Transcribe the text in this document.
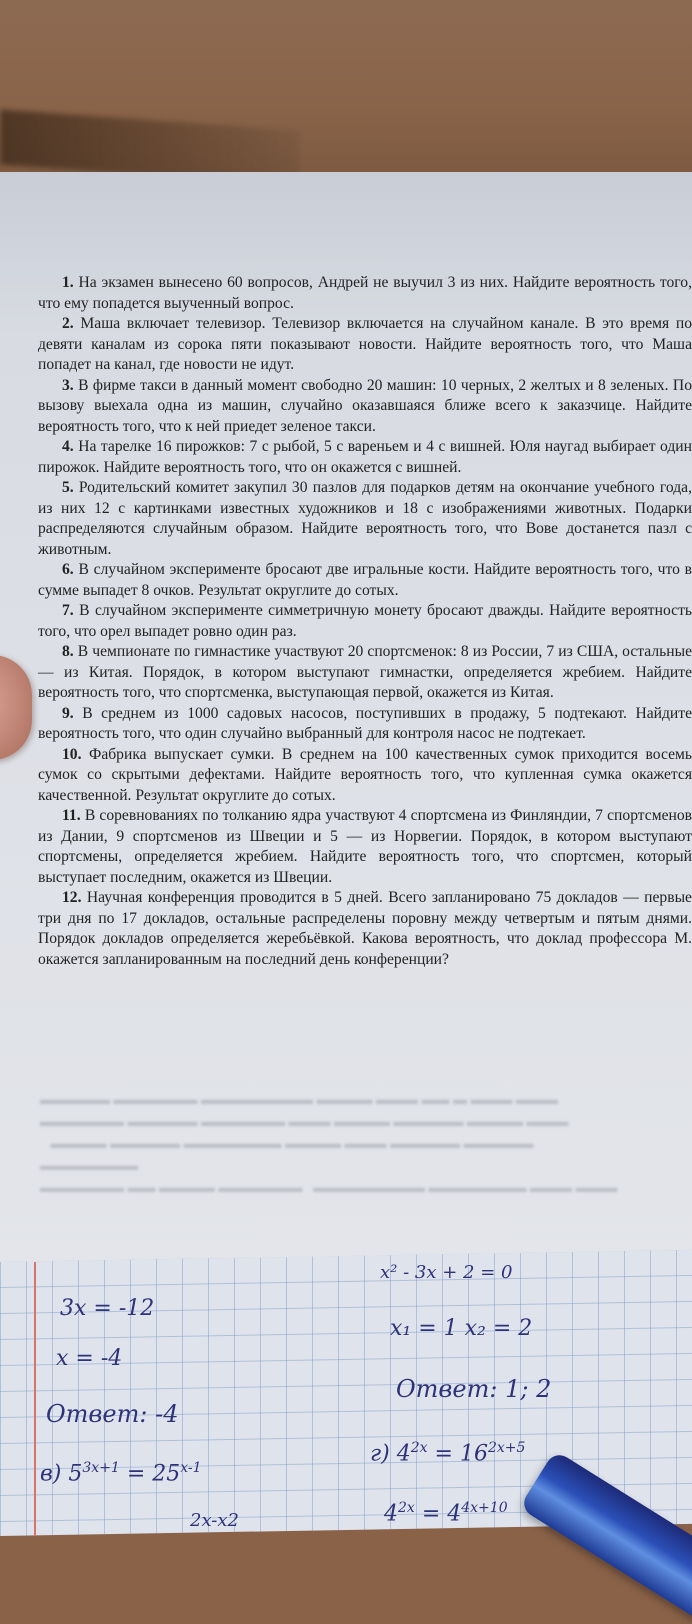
1. На экзамен вынесено 60 вопросов, Андрей не выучил 3 из них. Найдите вероятность того, что ему попадется выученный вопрос.

2. Маша включает телевизор. Телевизор включается на случайном канале. В это время по девяти каналам из сорока пяти показывают новости. Найдите вероятность того, что Маша попадет на канал, где новости не идут.

3. В фирме такси в данный момент свободно 20 машин: 10 черных, 2 желтых и 8 зеленых. По вызову выехала одна из машин, случайно оказавшаяся ближе всего к заказчице. Найдите вероятность того, что к ней приедет зеленое такси.

4. На тарелке 16 пирожков: 7 с рыбой, 5 с вареньем и 4 с вишней. Юля наугад выбирает один пирожок. Найдите вероятность того, что он окажется с вишней.

5. Родительский комитет закупил 30 пазлов для подарков детям на окончание учебного года, из них 12 с картинками известных художников и 18 с изображениями животных. Подарки распределяются случайным образом. Найдите вероятность того, что Вове достанется пазл с животным.

6. В случайном эксперименте бросают две игральные кости. Найдите вероятность того, что в сумме выпадет 8 очков. Результат округлите до сотых.

7. В случайном эксперименте симметричную монету бросают дважды. Найдите вероятность того, что орел выпадет ровно один раз.

8. В чемпионате по гимнастике участвуют 20 спортсменок: 8 из России, 7 из США, остальные — из Китая. Порядок, в котором выступают гимнастки, определяется жребием. Найдите вероятность того, что спортсменка, выступающая первой, окажется из Китая.

9. В среднем из 1000 садовых насосов, поступивших в продажу, 5 подтекают. Найдите вероятность того, что один случайно выбранный для контроля насос не подтекает.

10. Фабрика выпускает сумки. В среднем на 100 качественных сумок приходится восемь сумок со скрытыми дефектами. Найдите вероятность того, что купленная сумка окажется качественной. Результат округлите до сотых.

11. В соревнованиях по толканию ядра участвуют 4 спортсмена из Финляндии, 7 спортсменов из Дании, 9 спортсменов из Швеции и 5 — из Норвегии. Порядок, в котором выступают спортсмены, определяется жребием. Найдите вероятность того, что спортсмен, который выступает последним, окажется из Швеции.

12. Научная конференция проводится в 5 дней. Всего запланировано 75 докладов — первые три дня по 17 докладов, остальные распределены поровну между четвертым и пятым днями. Порядок докладов определяется жеребьёвкой. Какова вероятность, что доклад профессора М. окажется запланированным на последний день конференции?

▬▬▬▬▬ ▬▬▬▬▬▬ ▬▬▬▬▬▬▬▬ ▬▬▬▬ ▬▬▬ ▬▬ ▬ ▬▬▬ ▬▬▬
▬▬▬▬▬▬ ▬▬▬▬▬ ▬▬▬▬▬▬ ▬▬▬ ▬▬▬▬ ▬▬▬▬▬ ▬▬▬▬ ▬▬▬
▬▬▬▬ ▬▬▬▬▬ ▬▬▬▬▬▬▬ ▬▬▬▬ ▬▬▬ ▬▬▬▬▬ ▬▬▬▬▬
▬▬▬▬▬▬▬
▬▬▬▬▬▬ ▬▬ ▬▬▬▬ ▬▬▬▬▬▬   ▬▬▬▬▬▬▬▬ ▬▬▬▬▬▬▬ ▬▬▬ ▬▬▬
3x = -12
x = -4
Ответ: -4
в) $5^{3x+1} = 25^{x-1}$
2x-x2
x² - 3x + 2 = 0
x₁ = 1 x₂ = 2
Ответ: 1; 2
г) $4^{2x} = 16^{2x+5}$
$4^{2x} = 4^{4x+10}$
